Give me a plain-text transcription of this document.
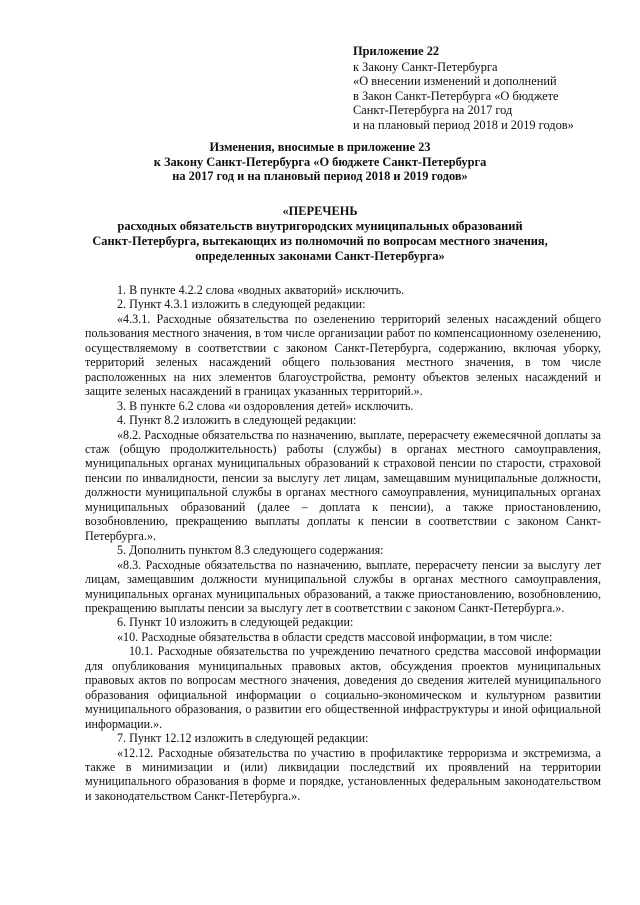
Приложение 22
к Закону Санкт-Петербурга
«О внесении изменений и дополнений
в Закон Санкт-Петербурга «О бюджете
Санкт-Петербурга на 2017 год
и на плановый период 2018 и 2019 годов»
Изменения, вносимые в приложение 23
к Закону Санкт-Петербурга «О бюджете Санкт-Петербурга
на 2017 год и на плановый период 2018 и 2019 годов»
«ПЕРЕЧЕНЬ
расходных обязательств внутригородских муниципальных образований
Санкт-Петербурга, вытекающих из полномочий по вопросам местного значения,
определенных законами Санкт-Петербурга»

1. В пункте 4.2.2 слова «водных акваторий» исключить.

2. Пункт 4.3.1 изложить в следующей редакции:

«4.3.1. Расходные обязательства по озеленению территорий зеленых насаждений общего пользования местного значения, в том числе организации работ по компенсационному озеленению, осуществляемому в соответствии с законом Санкт-Петербурга, содержанию, включая уборку, территорий зеленых насаждений общего пользования местного значения, в том числе расположенных на них элементов благоустройства, ремонту объектов зеленых насаждений и защите зеленых насаждений в границах указанных территорий.».

3. В пункте 6.2 слова «и оздоровления детей» исключить.

4. Пункт 8.2 изложить в следующей редакции:

«8.2. Расходные обязательства по назначению, выплате, перерасчету ежемесячной доплаты за стаж (общую продолжительность) работы (службы) в органах местного самоуправления, муниципальных органах муниципальных образований к страховой пенсии по старости, страховой пенсии по инвалидности, пенсии за выслугу лет лицам, замещавшим муниципальные должности, должности муниципальной службы в органах местного самоуправления, муниципальных органах муниципальных образований (далее – доплата к пенсии), а также приостановлению, возобновлению, прекращению выплаты доплаты к пенсии в соответствии с законом Санкт-Петербурга.».

5. Дополнить пунктом 8.3 следующего содержания:

«8.3. Расходные обязательства по назначению, выплате, перерасчету пенсии за выслугу лет лицам, замещавшим должности муниципальной службы в органах местного самоуправления, муниципальных органах муниципальных образований, а также приостановлению, возобновлению, прекращению выплаты пенсии за выслугу лет в соответствии с законом Санкт-Петербурга.».

6. Пункт 10 изложить в следующей редакции:

«10. Расходные обязательства в области средств массовой информации, в том числе:

10.1. Расходные обязательства по учреждению печатного средства массовой информации для опубликования муниципальных правовых актов, обсуждения проектов муниципальных правовых актов по вопросам местного значения, доведения до сведения жителей муниципального образования официальной информации о социально-экономическом и культурном развитии муниципального образования, о развитии его общественной инфраструктуры и иной официальной информации.».

7. Пункт 12.12 изложить в следующей редакции:

«12.12. Расходные обязательства по участию в профилактике терроризма и экстремизма, а также в минимизации и (или) ликвидации последствий их проявлений на территории муниципального образования в форме и порядке, установленных федеральным законодательством и законодательством Санкт-Петербурга.».
